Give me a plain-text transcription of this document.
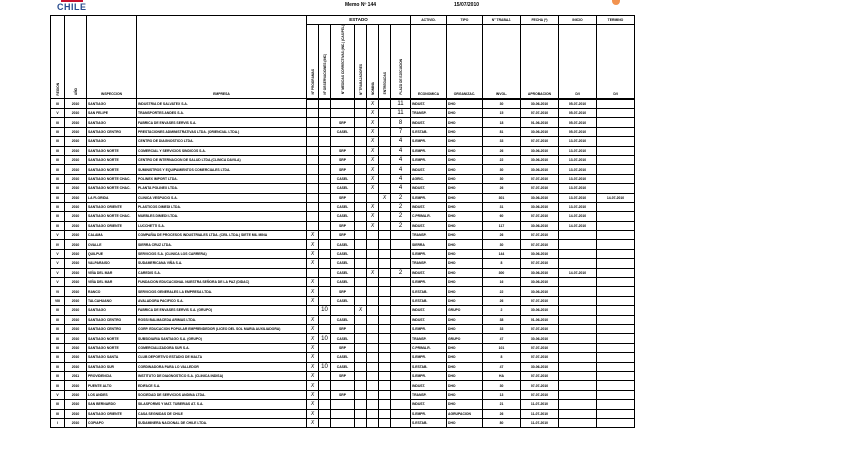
CHILE	Memo Nº 144	15/07/2010
REGION	AÑO	INSPECCION	EMPRESA	ESTADO							ACTIVID.	TIPO	N° TRABAJ.	FECHA (*)	INICIO	TERMINO
				N° PROGRAMAS	N° OBSERVACIONES (INC)	N° MEDIDAS CORRECTIVAS (INC.) (CAS/PEL)	N° TRABAJADORES	NOMINA	ENTREGADAS	PLAZO DE EJECUCION	ECONOMICA	ORGANIZAC.	INVOL.	APROBACION	D/I	D/I
III	2010	SANTIAGO	INDUSTRIA DE SALVATEX S.A.					X		11	INDUST.	DHO	30	30-06-2010	05-07-2010	
V	2010	SAN FELIPE	TRANSPORTES ANDES S.A.					X		11	TRANSP.	DHO	15	07-07-2010	05-07-2010	
III	2010	SANTIAGO	FABRICA DE ENVASES SERVIS S.A.			SRP		X		8	INDUST.	DHO	18	01-06-2010	05-07-2010	
III	2010	SANTIAGO CENTRO	PRESTACIONES ADMINISTRATIVAS LTDA. (ORIENCIAL LTDA.)			CASEL		X		7	S.ESTAB.	DHO	81	30-06-2010	05-07-2010	
III	2010	SANTIAGO	CENTRO DE DIAGNOSTICO LTDA.					X		4	S.EMPR.	DHO	33	07-07-2010	13-07-2010	
III	2010	SANTIAGO NORTE	COMERCIAL Y SERVICIOS SINDICOS S.A.			SRP		X		4	S.EMPR.	DHO	26	30-06-2010	13-07-2010	
III	2010	SANTIAGO NORTE	CENTRO DE INTERNACION DE SALUD LTDA.(CLINICA DAVILA)			SRP		X		4	S.EMPR.	DHO	22	30-06-2010	13-07-2010	
III	2010	SANTIAGO NORTE	SUMINISTROS Y EQUIPAMIENTOS COMERCIALES LTDA.			SRP		X		4	INDUST.	DHO	30	30-06-2010	13-07-2010	
III	2010	SANTIAGO NORTE CHAC.	POLINEX IMPORT LTDA.			CASEL		X		4	AGRIC.	DHO	30	07-07-2010	13-07-2010	
III	2010	SANTIAGO NORTE CHAC.	PLANTA POLINEX LTDA.			CASEL		X		4	INDUST.	DHO	26	07-07-2010	13-07-2010	
III	2010	LA FLORIDA	CLINICA VESPUCIO S.A.			SRP			X	2	S.EMPR.	DHO	301	30-06-2010	13-07-2010	14-07-2010
III	2010	SANTIAGO ORIENTE	PLASTICOS DIMEDI LTDA.			CASEL		X		2	INDUST.	DHO	31	30-06-2010	13-07-2010	
III	2010	SANTIAGO NORTE CHAC.	MUEBLES DIMEDI LTDA.			CASEL		X		2	C.PRIMA.R.	DHO	60	07-07-2010	14-07-2010	
III	2010	SANTIAGO ORIENTE	LUCCHETTI S.A.			SRP		X		2	INDUST.	DHO	117	30-06-2010	14-07-2010	
V	2010	CALAMA	COMPAÑIA DE PROCESOS INDUSTRIALES LTDA. (CEIL LTDA.) SIETE MIL MINA	X		SRP					TRANSP.	DHO	26	07-07-2010		
IV	2010	OVALLE	SIERRA CRUZ LTDA.	X		CASEL					SIERRA	DHO	30	07-07-2010		
V	2010	QUILPUE	SERVICIOS S.A. (CLINICA LOS CARRERA)	X		CASEL					S.EMPR.	DHO	144	30-06-2010		
V	2010	VALPARAISO	SUDAMERICANA VIÑA S.A.	X		CASEL					TRANSP.	DHO	8	07-07-2010		
V	2010	VIÑA DEL MAR	CAREDIS S.A.			CASEL		X		2	INDUST.	DHO	300	30-06-2010	14-07-2010	
V	2010	VIÑA DEL MAR	FUNDACION EDUCACIONAL NUESTRA SEÑORA DE LA PAZ (DIDAC)	X		CASEL					S.EMPR.	DHO	16	30-06-2010		
VI	2010	RANCO	SERVICIOS GENERALES LA EMPRESA LTDA.	X		SRP					S.ESTAB.	DHO	22	30-06-2010		
VIII	2010	TALCAHUANO	AVALADORA PACIFICO S.A.	X		CASEL					S.ESTAB.	DHO	26	07-07-2010		
III	2010	SANTIAGO	FABRICA DE ENVASES SERVIS S.A. (GRUPO)		10		X				INDUST.	GRUPO	2	30-06-2010		
III	2010	SANTIAGO CENTRO	ROSSI BALMACEDA ARIMAS LTDA.	X		CASEL					INDUST.	DHO	38	01-06-2010		
III	2010	SANTIAGO CENTRO	CORP. EDUCACION POPULAR EMPRENDEDOR (LICEO DEL SOL MARIA AUXILIADORA)	X		SRP					S.EMPR.	DHO	33	07-07-2010		
III	2010	SANTIAGO NORTE	SUBSIDIARIA SANTIAGO S.A. (GRUPO)	X	10	CASEL					TRANSP.	GRUPO	47	30-06-2010		
III	2010	SANTIAGO NORTE	COMERCIALIZADORA SUR S.A.	X		SRP					C.PRIMA.R.	DHO	101	07-07-2010		
III	2010	SANTIAGO SANTA	CLUB DEPORTIVO ESTADIO DE MALTA	X		CASEL					S.EMPR.	DHO	8	07-07-2010		
III	2010	SANTIAGO SUR	CORDINADORA PARA LO VALLEDOR	X	10	CASEL					S.ESTAB.	DHO	47	30-06-2010		
III	2011	PROVIDENCIA	INSTITUTO DE DIAGNOSTICO S.A. (CLINICA INDISA)	X		SRP					S.EMPR.	DHO	HA	07-07-2010		
III	2010	PUENTE ALTO	EDIFACE S.A.	X							INDUST.	DHO	30	07-07-2010		
V	2010	LOS ANDES	SOCIEDAD DE SERVICIOS ANDINA LTDA.	X		SRP					TRANSP.	DHO	13	07-07-2010		
III	2010	SAN BERNARDO	SILASFORMS Y MAT. TUBERIAS AT. S.A.	X							INDUST.	DHO	21	11-07-2010		
III	2010	SANTIAGO ORIENTE	CASA SEGNIDAS DE CHILE	X							S.EMPR.	AGRUPACION	26	11-07-2010		
I	2010	COPIAPO	SUDAMINERA NACIONAL DE CHILE LTDA.	X							S.ESTAB.	DHO	80	11-07-2010		
